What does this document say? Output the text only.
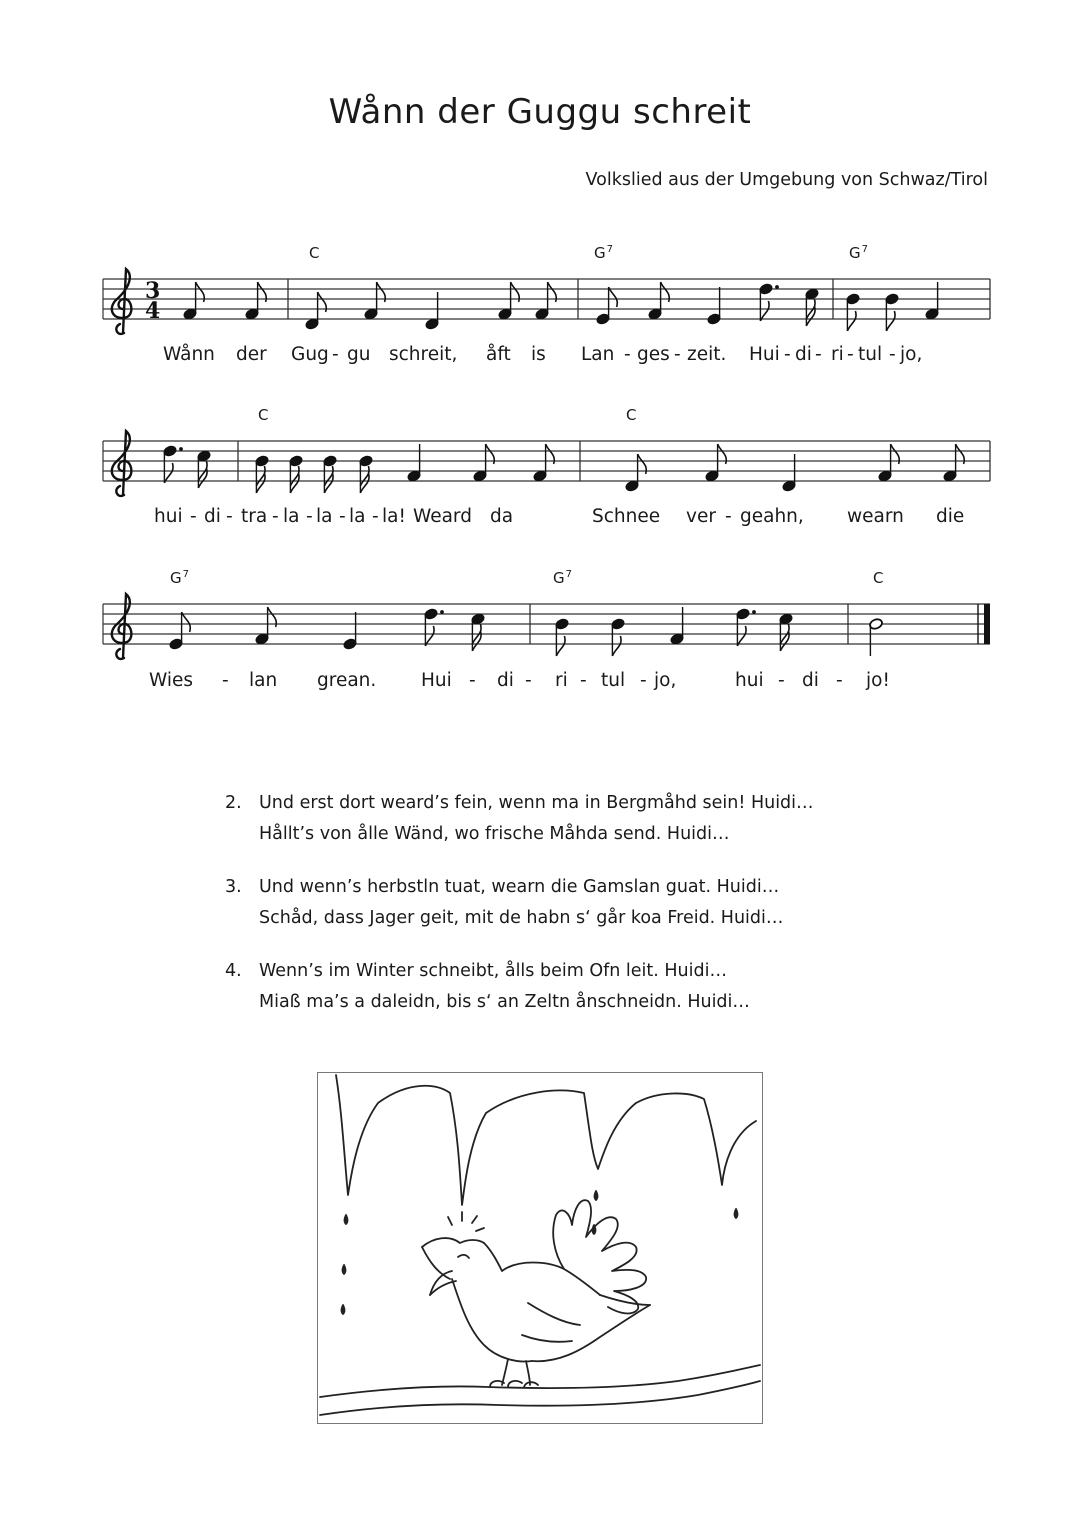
Wånn der Guggu schreit
Volkslied aus der Umgebung von Schwaz/Tirol
3
4
C	$G^7$	$G^7$
C	C
$G^7$	$G^7$	C
Wånn der Gug - gu schreit, åft is Lan - ges - zeit. Hui - di - ri - tul - jo,
hui - di - tra - la - la - la - la! Weard da	Schnee ver - geahn, wearn die
Wies - lan grean. Hui - di - ri - tul - jo,	hui - di - jo!
2. Und erst dort weard’s fein, wenn ma in Bergmåhd sein! Huidi…
Hållt’s von ålle Wänd, wo frische Måhda send. Huidi…
3. Und wenn’s herbstln tuat, wearn die Gamslan guat. Huidi…
Schåd, dass Jager geit, mit de habn s‘ går koa Freid. Huidi…
4. Wenn’s im Winter schneibt, ålls beim Ofn leit. Huidi…
Miaß ma’s a daleidn, bis s‘ an Zeltn ånschneidn. Huidi…
